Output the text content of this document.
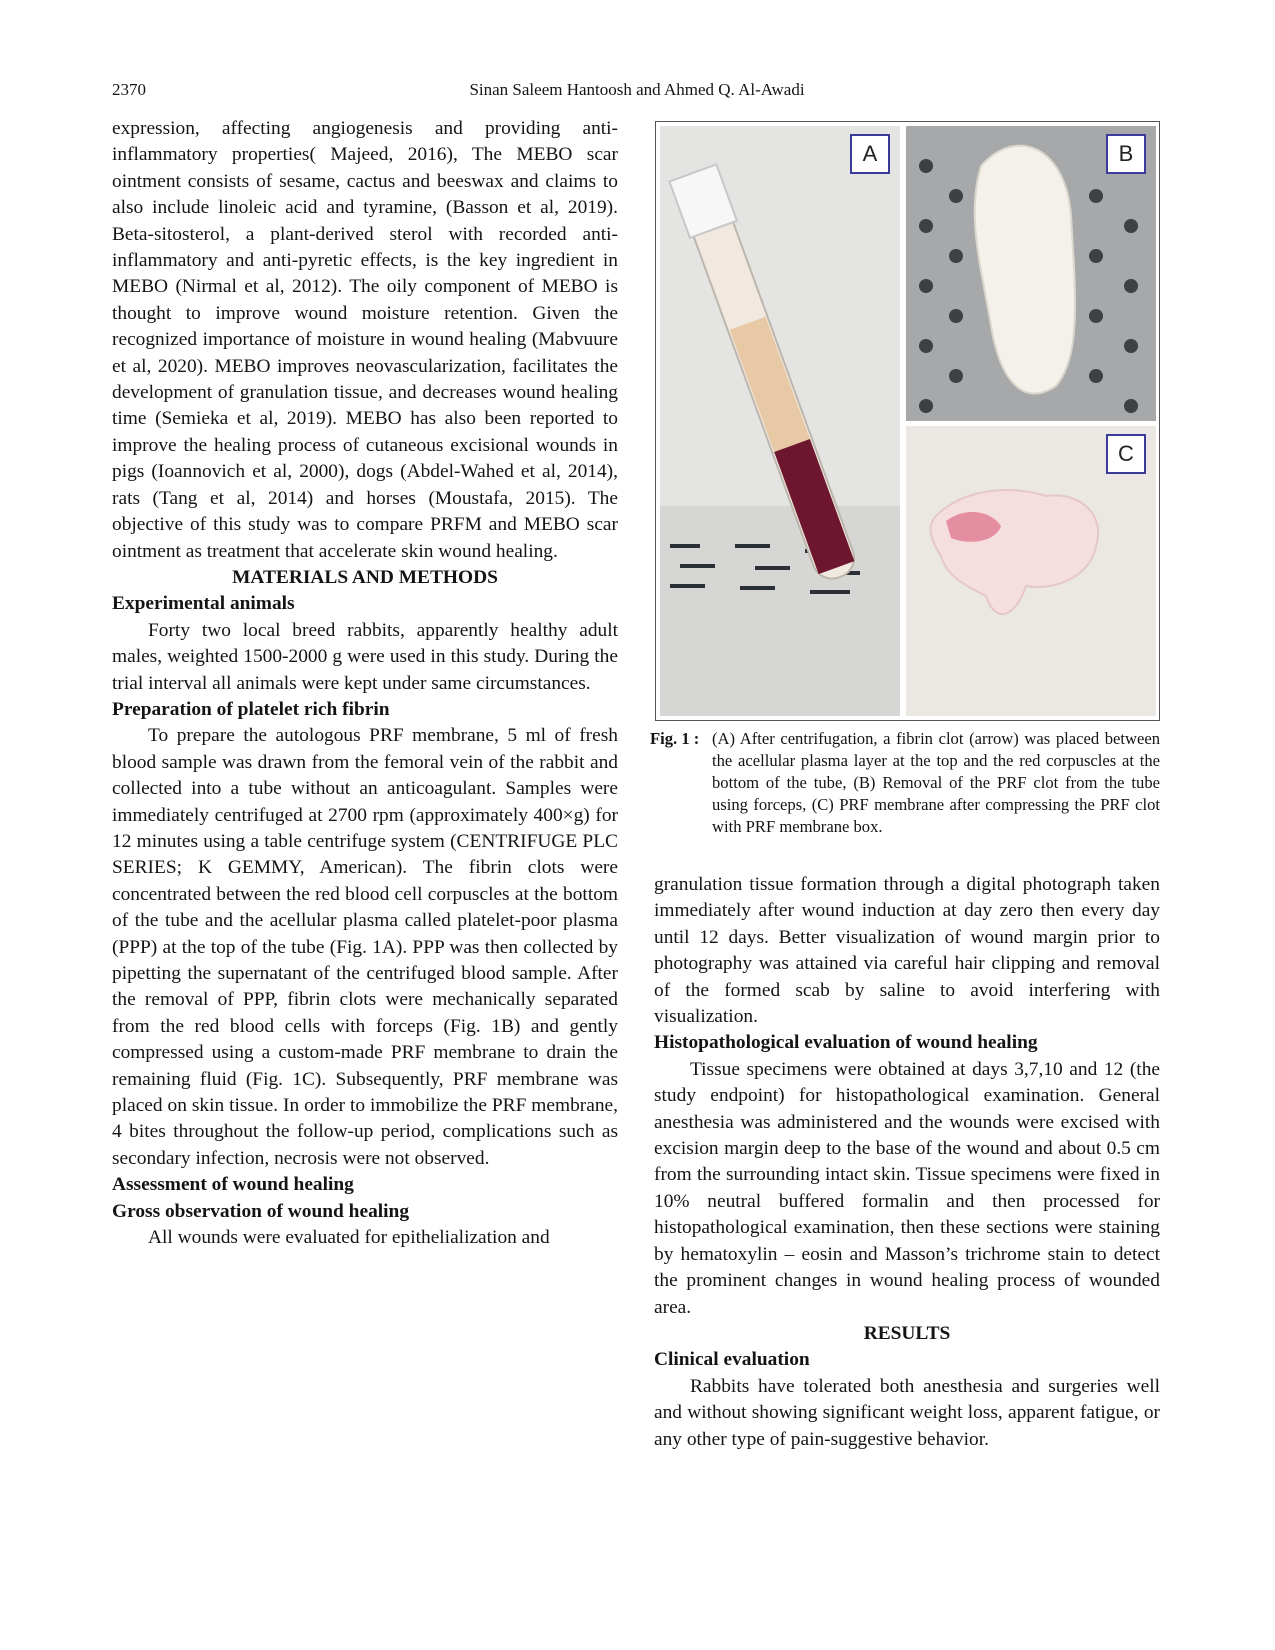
2370	Sinan Saleem Hantoosh and Ahmed Q. Al-Awadi

expression, affecting angiogenesis and providing anti-inflammatory properties( Majeed, 2016), The MEBO scar ointment consists of sesame, cactus and beeswax and claims to also include linoleic acid and tyramine, (Basson et al, 2019). Beta-sitosterol, a plant-derived sterol with recorded anti-inflammatory and anti-pyretic effects, is the key ingredient in MEBO (Nirmal et al, 2012). The oily component of MEBO is thought to improve wound moisture retention. Given the recognized importance of moisture in wound healing (Mabvuure et al, 2020). MEBO improves neovascularization, facilitates the development of granulation tissue, and decreases wound healing time (Semieka et al, 2019). MEBO has also been reported to improve the healing process of cutaneous excisional wounds in pigs (Ioannovich et al, 2000), dogs (Abdel-Wahed et al, 2014), rats (Tang et al, 2014) and horses (Moustafa, 2015). The objective of this study was to compare PRFM and MEBO scar ointment as treatment that accelerate skin wound healing.

MATERIALS AND METHODS

Experimental animals

Forty two local breed rabbits, apparently healthy adult males, weighted 1500-2000 g were used in this study. During the trial interval all animals were kept under same circumstances.

Preparation of platelet rich fibrin

To prepare the autologous PRF membrane, 5 ml of fresh blood sample was drawn from the femoral vein of the rabbit and collected into a tube without an anticoagulant. Samples were immediately centrifuged at 2700 rpm (approximately 400×g) for 12 minutes using a table centrifuge system (CENTRIFUGE PLC SERIES; K GEMMY, American). The fibrin clots were concentrated between the red blood cell corpuscles at the bottom of the tube and the acellular plasma called platelet-poor plasma (PPP) at the top of the tube (Fig. 1A). PPP was then collected by pipetting the supernatant of the centrifuged blood sample. After the removal of PPP, fibrin clots were mechanically separated from the red blood cells with forceps (Fig. 1B) and gently compressed using a custom-made PRF membrane to drain the remaining fluid (Fig. 1C). Subsequently, PRF membrane was placed on skin tissue. In order to immobilize the PRF membrane, 4 bites throughout the follow-up period, complications such as secondary infection, necrosis were not observed.

Assessment of wound healing

Gross observation of wound healing

All wounds were evaluated for epithelialization and

A	B
C
Fig. 1 : (A) After centrifugation, a fibrin clot (arrow) was placed between the acellular plasma layer at the top and the red corpuscles at the bottom of the tube, (B) Removal of the PRF clot from the tube using forceps, (C) PRF membrane after compressing the PRF clot with PRF membrane box.

granulation tissue formation through a digital photograph taken immediately after wound induction at day zero then every day until 12 days. Better visualization of wound margin prior to photography was attained via careful hair clipping and removal of the formed scab by saline to avoid interfering with visualization.

Histopathological evaluation of wound healing

Tissue specimens were obtained at days 3,7,10 and 12 (the study endpoint) for histopathological examination. General anesthesia was administered and the wounds were excised with excision margin deep to the base of the wound and about 0.5 cm from the surrounding intact skin. Tissue specimens were fixed in 10% neutral buffered formalin and then processed for histopathological examination, then these sections were staining by hematoxylin – eosin and Masson’s trichrome stain to detect the prominent changes in wound healing process of wounded area.

RESULTS

Clinical evaluation

Rabbits have tolerated both anesthesia and surgeries well and without showing significant weight loss, apparent fatigue, or any other type of pain-suggestive behavior.
